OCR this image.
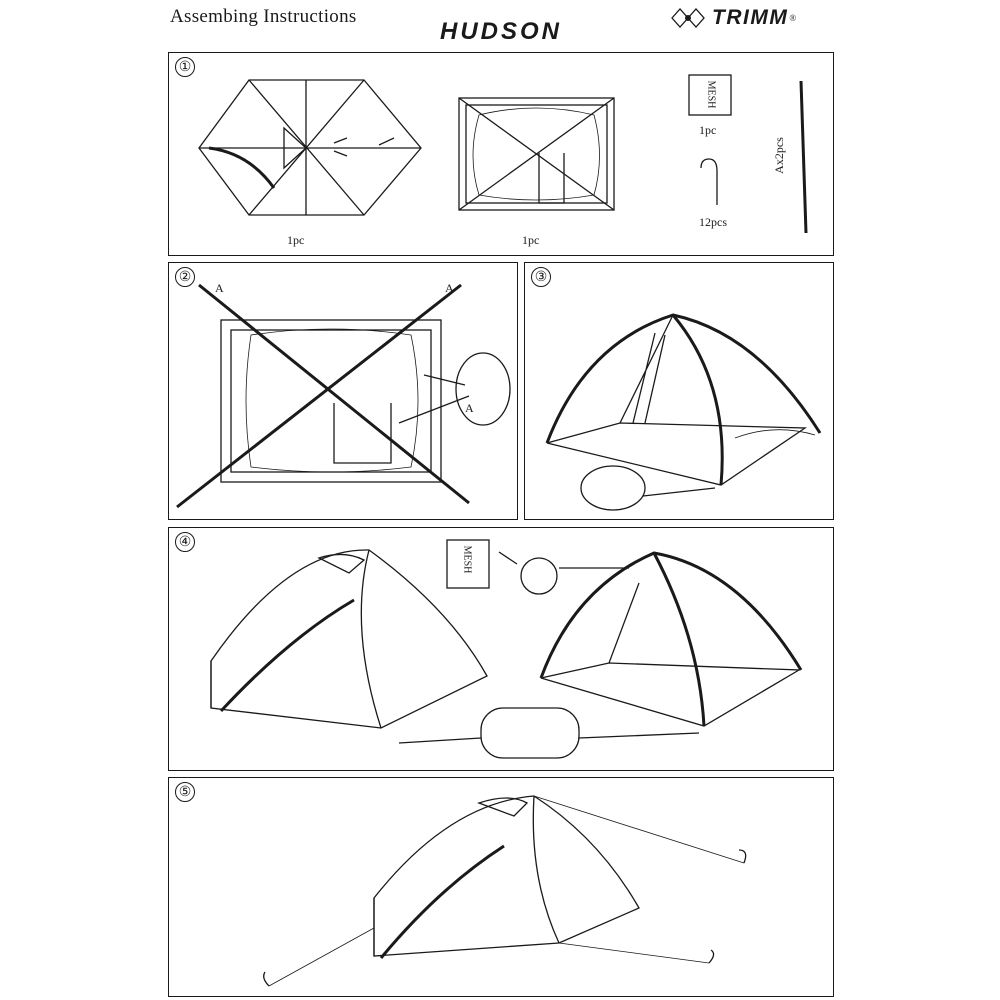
Assembing Instructions
HUDSON
TRIMM ®
①
1pc	1pc
MESH
1pc
12pcs
Ax2pcs
②
A	A
A
③
④
MESH
⑤
